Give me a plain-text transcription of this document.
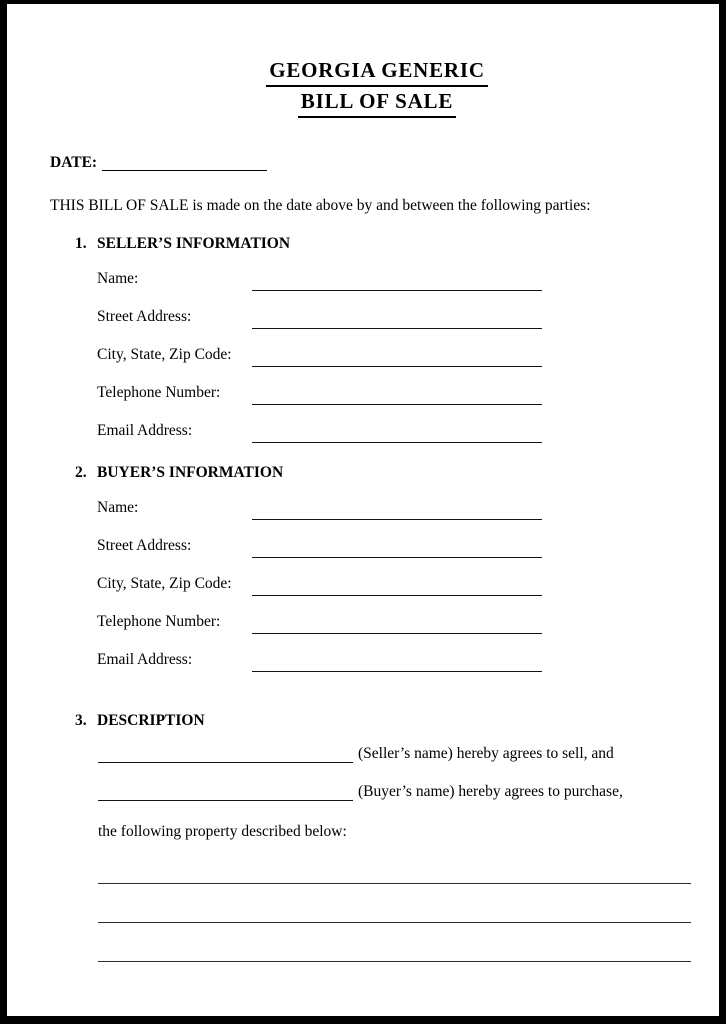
GEORGIA GENERIC
BILL OF SALE
DATE:

THIS BILL OF SALE is made on the date above by and between the following parties:

1. SELLER’S INFORMATION
Name:
Street Address:
City, State, Zip Code:
Telephone Number:
Email Address:
2. BUYER’S INFORMATION
Name:
Street Address:
City, State, Zip Code:
Telephone Number:
Email Address:
3. DESCRIPTION
(Seller’s name) hereby agrees to sell, and
(Buyer’s name) hereby agrees to purchase,

the following property described below:
